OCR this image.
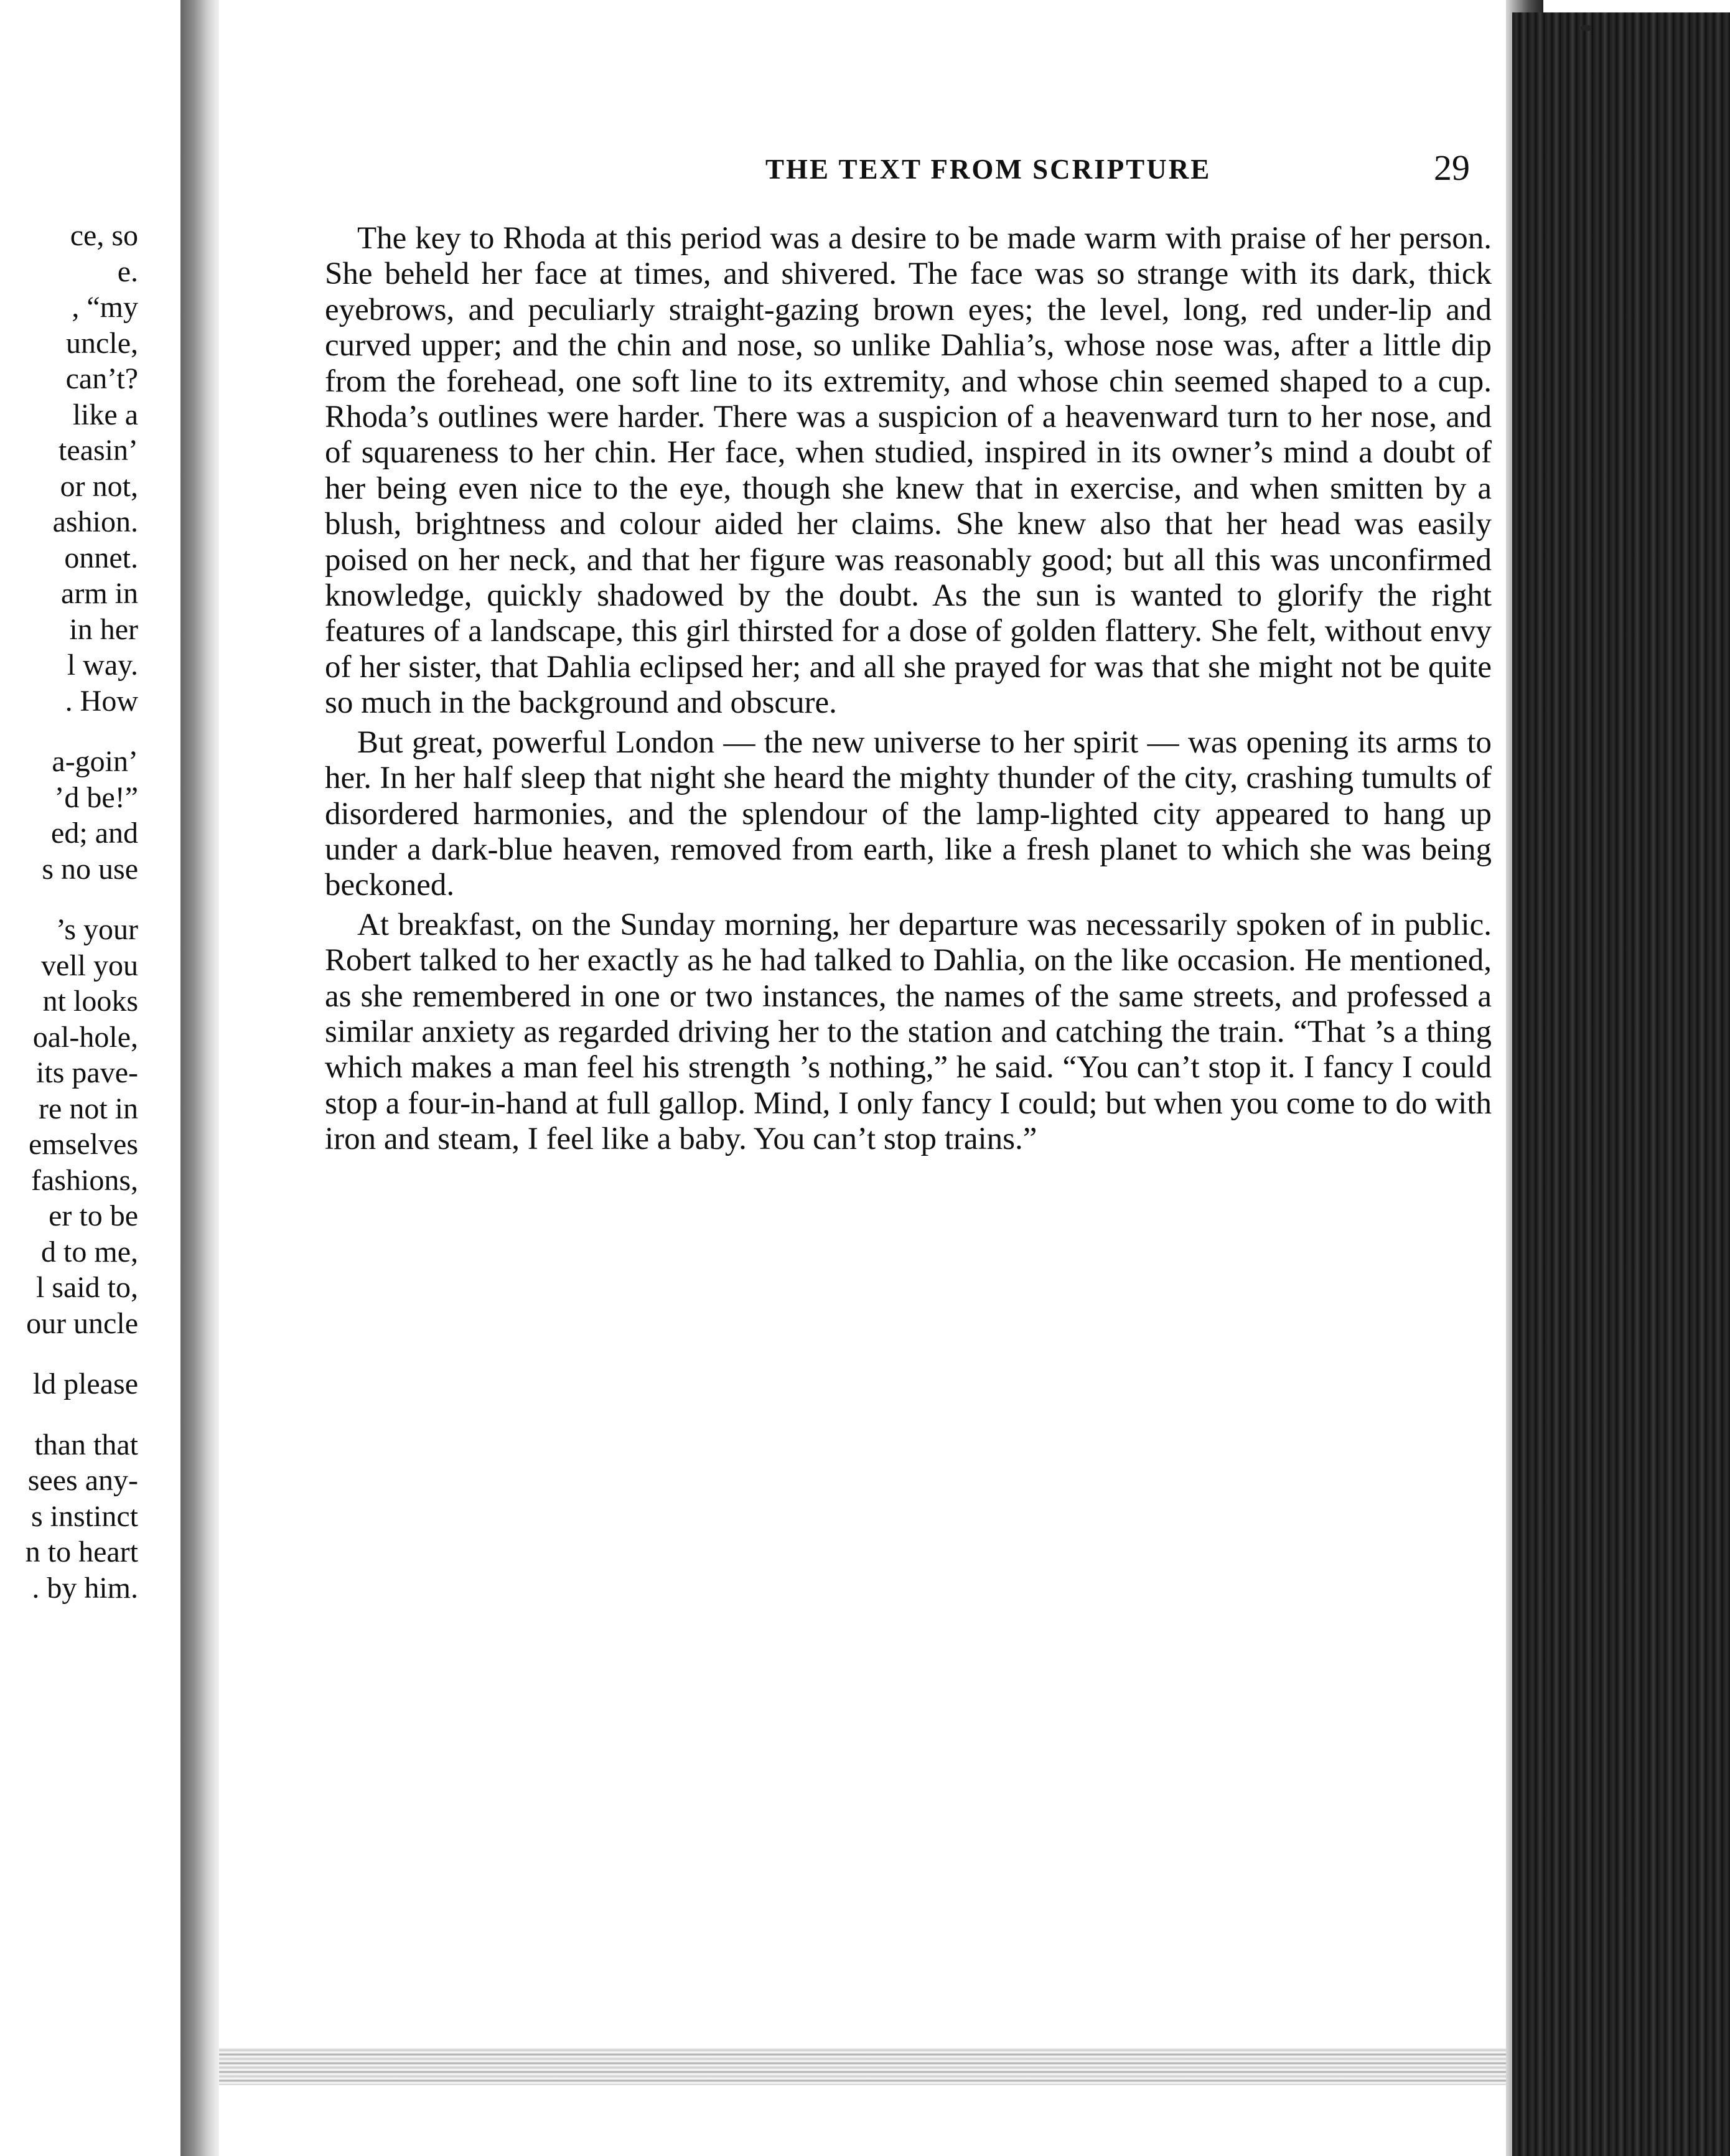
ce, so
e.
, “my
uncle,
can’t?
like a
teasin’
or not,
ashion.
onnet.
arm in
in her
l way.
. How
a-goin’
’d be!”
ed; and
s no use
’s your
vell you
nt looks
oal-hole,
its pave-
re not in
emselves
fashions,
er to be
d to me,
l said to,
our uncle
ld please
than that
sees any-
s instinct
n to heart
. by him.
THE TEXT FROM SCRIPTURE	29

The key to Rhoda at this period was a desire to be made warm with praise of her person. She beheld her face at times, and shivered. The face was so strange with its dark, thick eyebrows, and peculiarly straight-gazing brown eyes; the level, long, red under-lip and curved upper; and the chin and nose, so unlike Dahlia’s, whose nose was, after a little dip from the forehead, one soft line to its extremity, and whose chin seemed shaped to a cup. Rhoda’s outlines were harder. There was a suspicion of a heavenward turn to her nose, and of squareness to her chin. Her face, when studied, inspired in its owner’s mind a doubt of her being even nice to the eye, though she knew that in exercise, and when smitten by a blush, brightness and colour aided her claims. She knew also that her head was easily poised on her neck, and that her figure was reasonably good; but all this was unconfirmed knowledge, quickly shadowed by the doubt. As the sun is wanted to glorify the right features of a landscape, this girl thirsted for a dose of golden flattery. She felt, without envy of her sister, that Dahlia eclipsed her; and all she prayed for was that she might not be quite so much in the background and obscure.

But great, powerful London — the new universe to her spirit — was opening its arms to her. In her half sleep that night she heard the mighty thunder of the city, crashing tumults of disordered harmonies, and the splendour of the lamp-lighted city appeared to hang up under a dark-blue heaven, removed from earth, like a fresh planet to which she was being beckoned.

At breakfast, on the Sunday morning, her departure was necessarily spoken of in public. Robert talked to her exactly as he had talked to Dahlia, on the like occasion. He mentioned, as she remembered in one or two instances, the names of the same streets, and professed a similar anxiety as regarded driving her to the station and catching the train. “That ’s a thing which makes a man feel his strength ’s nothing,” he said. “You can’t stop it. I fancy I could stop a four-in-hand at full gallop. Mind, I only fancy I could; but when you come to do with iron and steam, I feel like a baby. You can’t stop trains.”
